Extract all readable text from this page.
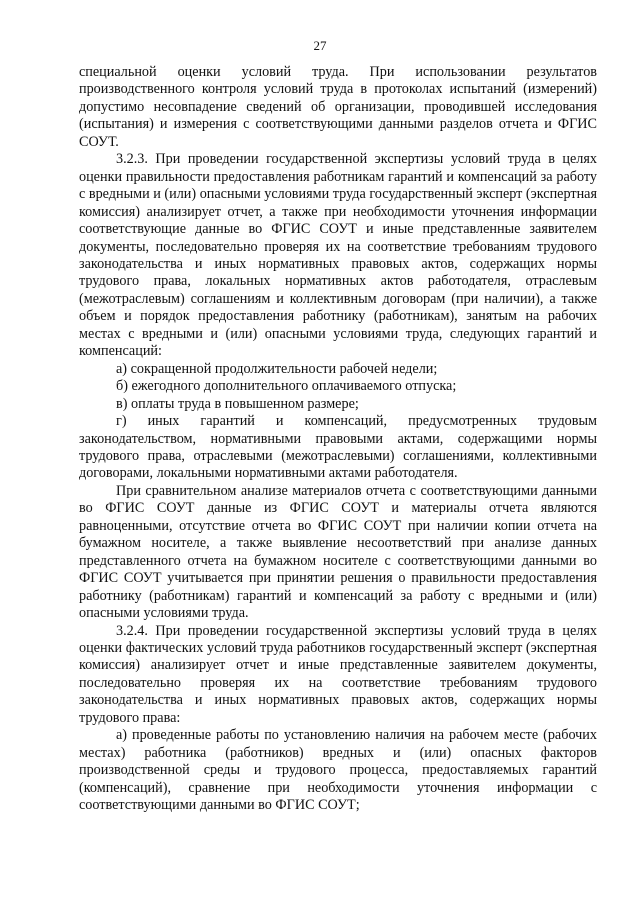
27

специальной оценки условий труда. При использовании результатов производственного контроля условий труда в протоколах испытаний (измерений) допустимо несовпадение сведений об организации, проводившей исследования (испытания) и измерения с соответствующими данными разделов отчета и ФГИС СОУТ.

3.2.3. При проведении государственной экспертизы условий труда в целях оценки правильности предоставления работникам гарантий и компенсаций за работу с вредными и (или) опасными условиями труда государственный эксперт (экспертная комиссия) анализирует отчет, а также при необходимости уточнения информации соответствующие данные во ФГИС СОУТ и иные представленные заявителем документы, последовательно проверяя их на соответствие требованиям трудового законодательства и иных нормативных правовых актов, содержащих нормы трудового права, локальных нормативных актов работодателя, отраслевым (межотраслевым) соглашениям и коллективным договорам (при наличии), а также объем и порядок предоставления работнику (работникам), занятым на рабочих местах с вредными и (или) опасными условиями труда, следующих гарантий и компенсаций:

а) сокращенной продолжительности рабочей недели;

б) ежегодного дополнительного оплачиваемого отпуска;

в) оплаты труда в повышенном размере;

г) иных гарантий и компенсаций, предусмотренных трудовым законодательством, нормативными правовыми актами, содержащими нормы трудового права, отраслевыми (межотраслевыми) соглашениями, коллективными договорами, локальными нормативными актами работодателя.

При сравнительном анализе материалов отчета с соответствующими данными во ФГИС СОУТ данные из ФГИС СОУТ и материалы отчета являются равноценными, отсутствие отчета во ФГИС СОУТ при наличии копии отчета на бумажном носителе, а также выявление несоответствий при анализе данных представленного отчета на бумажном носителе с соответствующими данными во ФГИС СОУТ учитывается при принятии решения о правильности предоставления работнику (работникам) гарантий и компенсаций за работу с вредными и (или) опасными условиями труда.

3.2.4. При проведении государственной экспертизы условий труда в целях оценки фактических условий труда работников государственный эксперт (экспертная комиссия) анализирует отчет и иные представленные заявителем документы, последовательно проверяя их на соответствие требованиям трудового законодательства и иных нормативных правовых актов, содержащих нормы трудового права:

а) проведенные работы по установлению наличия на рабочем месте (рабочих местах) работника (работников) вредных и (или) опасных факторов производственной среды и трудового процесса, предоставляемых гарантий (компенсаций), сравнение при необходимости уточнения информации с соответствующими данными во ФГИС СОУТ;
